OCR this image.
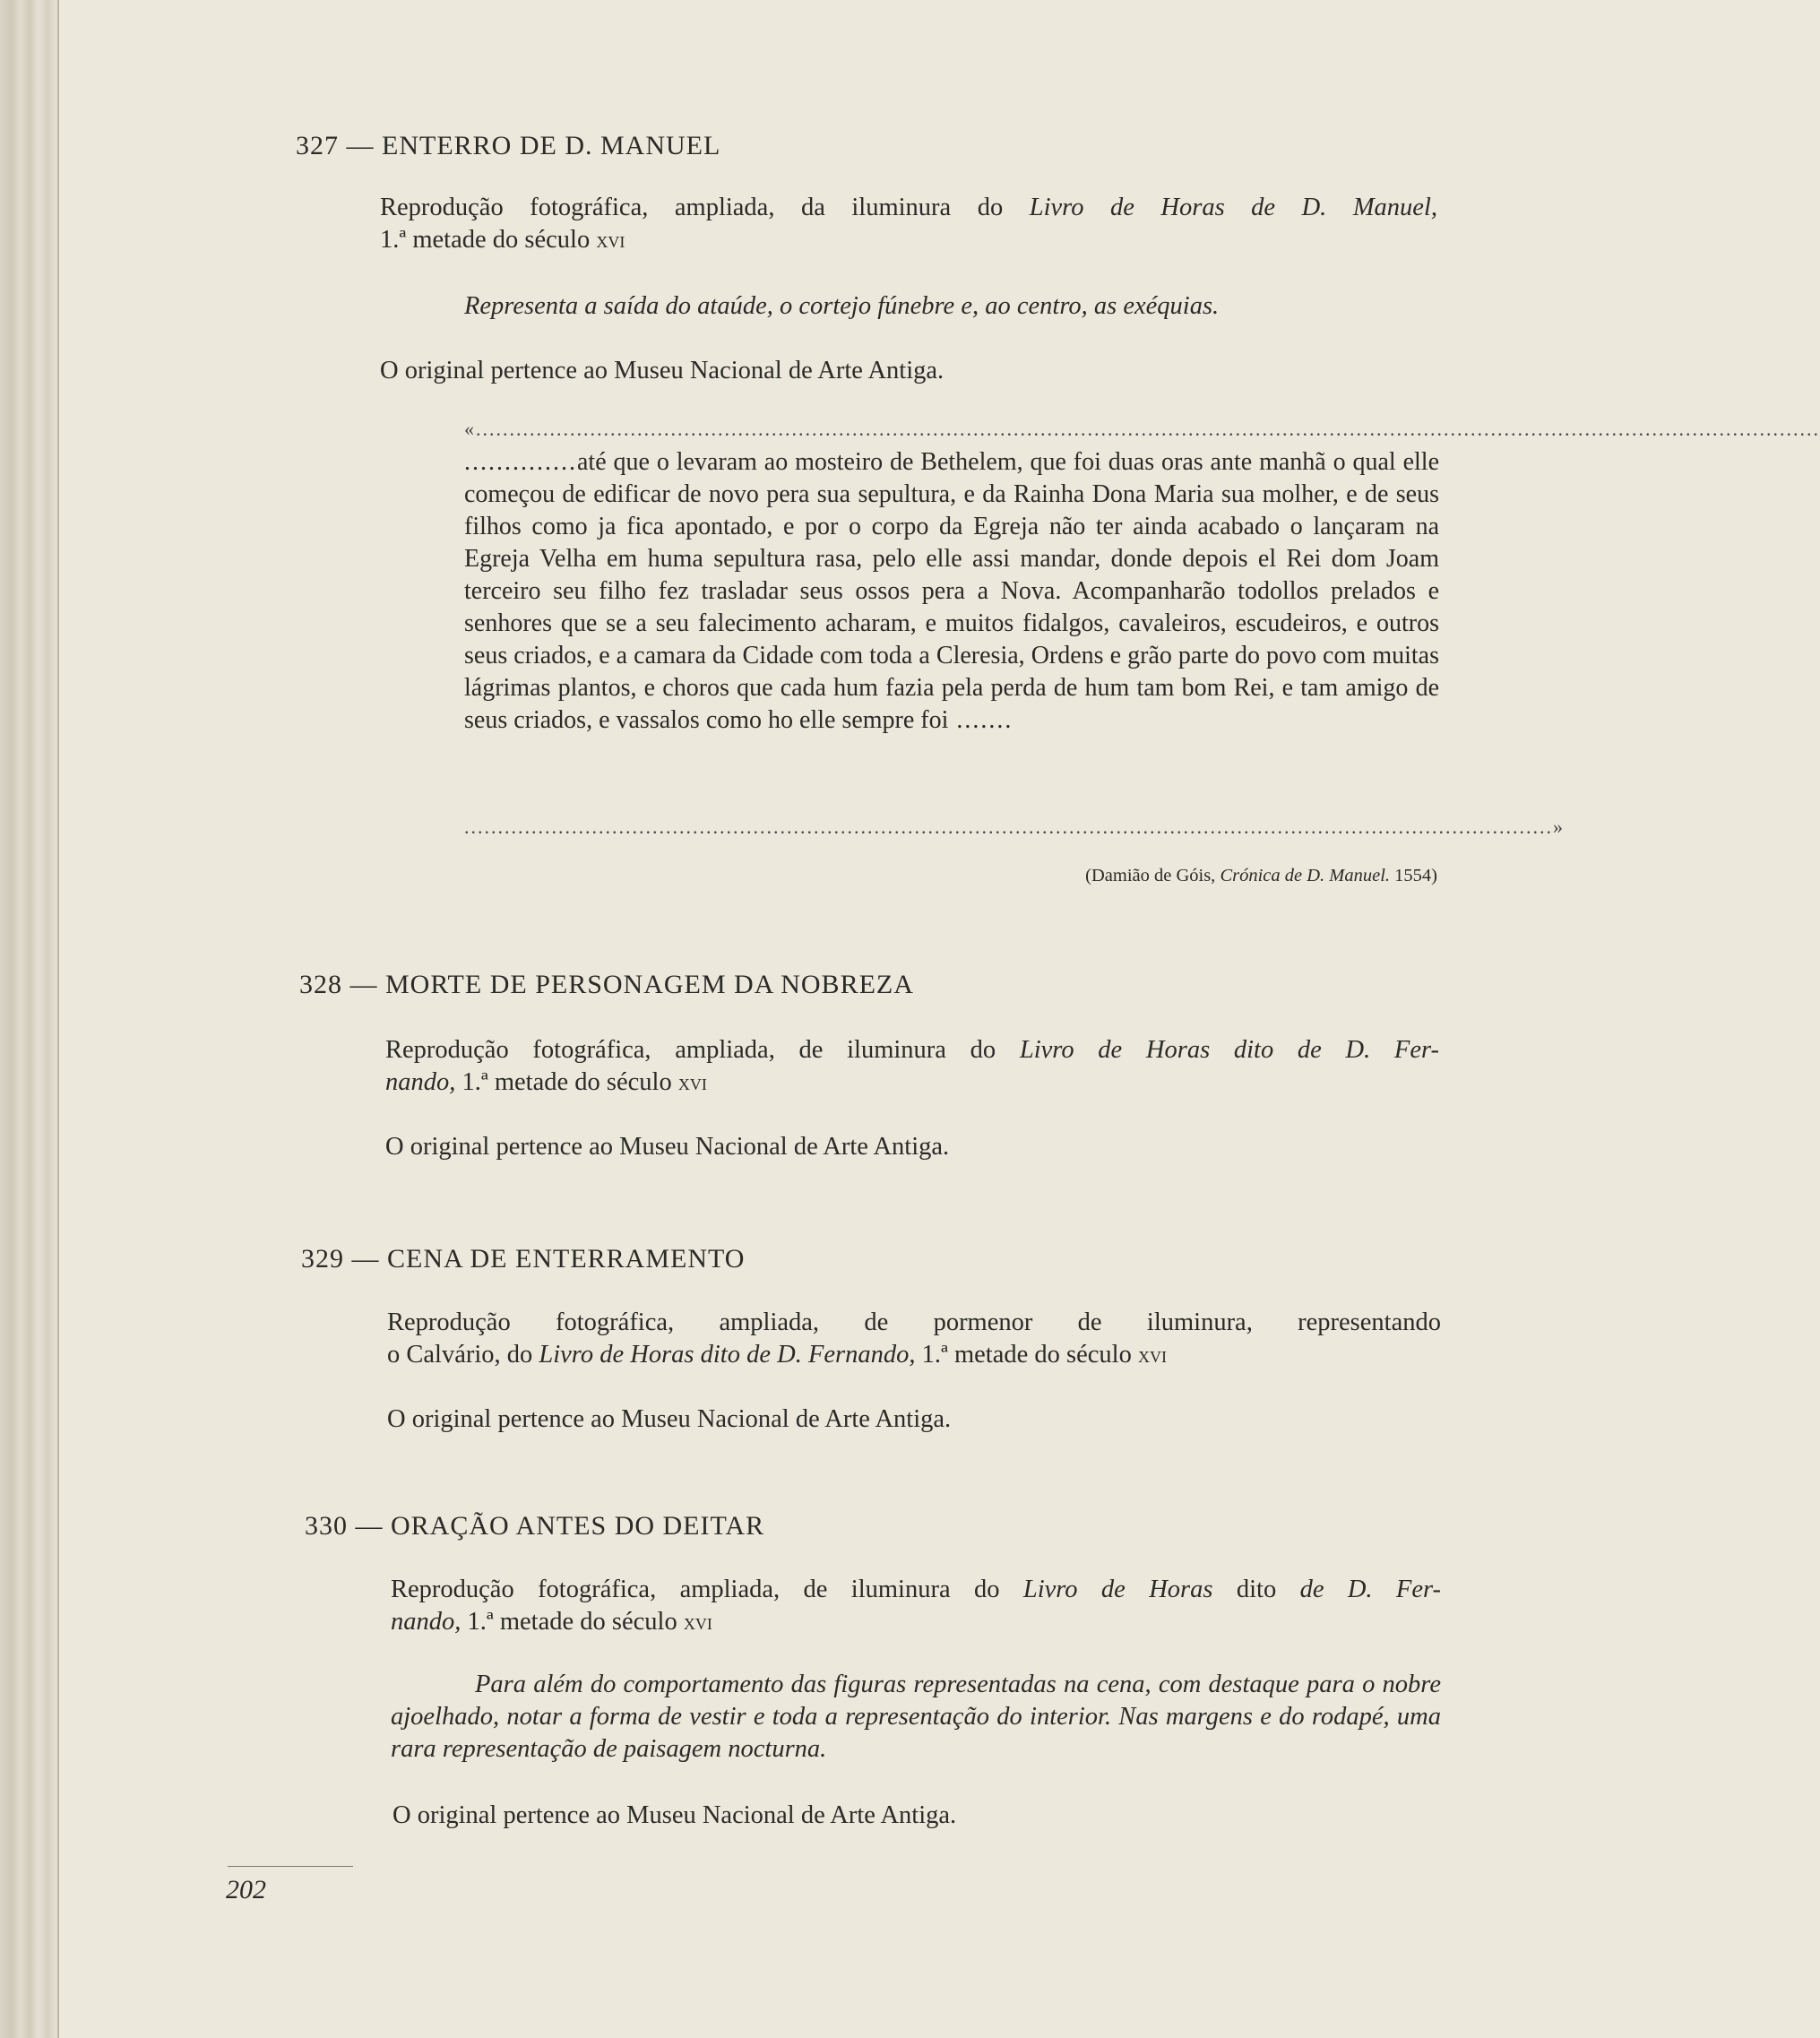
327 — ENTERRO DE D. MANUEL
Reprodução fotográfica, ampliada, da iluminura do Livro de Horas de D. Manuel,
1.ª metade do século xvi
Representa a saída do ataúde, o cortejo fúnebre e, ao centro, as exéquias.
O original pertence ao Museu Nacional de Arte Antiga.
«........................................................................................................................................................................................................
..............até que o levaram ao mosteiro de Bethelem, que foi duas oras ante manhã o qual elle começou de edificar de novo pera sua sepultura, e da Rainha Dona Maria sua molher, e de seus filhos como ja fica apontado, e por o corpo da Egreja não ter ainda acabado o lançaram na Egreja Velha em huma sepultura rasa, pelo elle assi mandar, donde depois el Rei dom Joam terceiro seu filho fez trasladar seus ossos pera a Nova. Acompanharão todollos prelados e senhores que se a seu falecimento acharam, e muitos fidalgos, cavaleiros, escudeiros, e outros seus criados, e a camara da Cidade com toda a Cleresia, Ordens e grão parte do povo com muitas lágrimas plantos, e choros que cada hum fazia pela perda de hum tam bom Rei, e tam amigo de seus criados, e vassalos como ho elle sempre foi .......
..................................................................................................................................................................»
(Damião de Góis, Crónica de D. Manuel. 1554)
328 — MORTE DE PERSONAGEM DA NOBREZA
Reprodução fotográfica, ampliada, de iluminura do Livro de Horas dito de D. Fer-
nando, 1.ª metade do século xvi
O original pertence ao Museu Nacional de Arte Antiga.
329 — CENA DE ENTERRAMENTO
Reprodução fotográfica, ampliada, de pormenor de iluminura, representando
o Calvário, do Livro de Horas dito de D. Fernando, 1.ª metade do século xvi
O original pertence ao Museu Nacional de Arte Antiga.
330 — ORAÇÃO ANTES DO DEITAR
Reprodução fotográfica, ampliada, de iluminura do Livro de Horas dito de D. Fer-
nando, 1.ª metade do século xvi
Para além do comportamento das figuras representadas na cena, com destaque para o nobre ajoelhado, notar a forma de vestir e toda a representação do interior. Nas margens e do rodapé, uma rara representação de paisagem nocturna.
O original pertence ao Museu Nacional de Arte Antiga.
202
